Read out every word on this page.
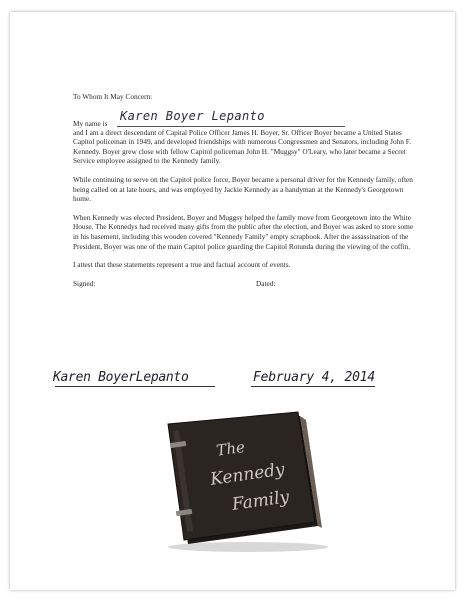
To Whom It May Concern:

My name is
Karen Boyer Lepanto

and I am a direct descendant of Capital Police Officer James H. Boyer, Sr. Officer Boyer became a United States Capitol policeman in 1949, and developed friendships with numerous Congressmen and Senators, including John F. Kennedy. Boyer grew close with fellow Capitol policeman John H. "Muggsy" O'Leary, who later became a Secret Service employee assigned to the Kennedy family.

While continuing to serve on the Capitol police force, Boyer became a personal driver for the Kennedy family, often being called on at late hours, and was employed by Jackie Kennedy as a handyman at the Kennedy's Georgetown home.

When Kennedy was elected President, Boyer and Muggsy helped the family move from Georgetown into the White House. The Kennedys had received many gifts from the public after the election, and Boyer was asked to store some in his basement, including this wooden covered "Kennedy Family" empty scrapbook. After the assassination of the President, Boyer was one of the main Capitol police guarding the Capitol Rotunda during the viewing of the coffin.

I attest that these statements represent a true and factual account of events.

Signed:	Dated:
Karen BoyerLepanto	February 4, 2014
The
Kennedy
Family
